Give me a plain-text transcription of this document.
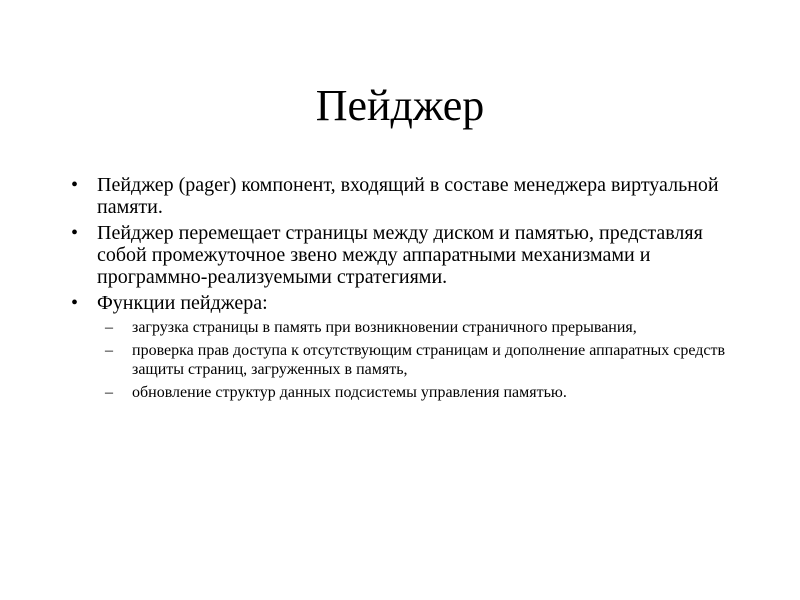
Пейджер
• Пейджер (pager) компонент, входящий в составе менеджера виртуальной памяти.
• Пейджер перемещает страницы между диском и памятью, представляя собой промежуточное звено между аппаратными механизмами и программно-реализуемыми стратегиями.
• Функции пейджера:
– загрузка страницы в память при возникновении страничного прерывания,
– проверка прав доступа к отсутствующим страницам и дополнение аппаратных средств защиты страниц, загруженных в память,
– обновление структур данных подсистемы управления памятью.
